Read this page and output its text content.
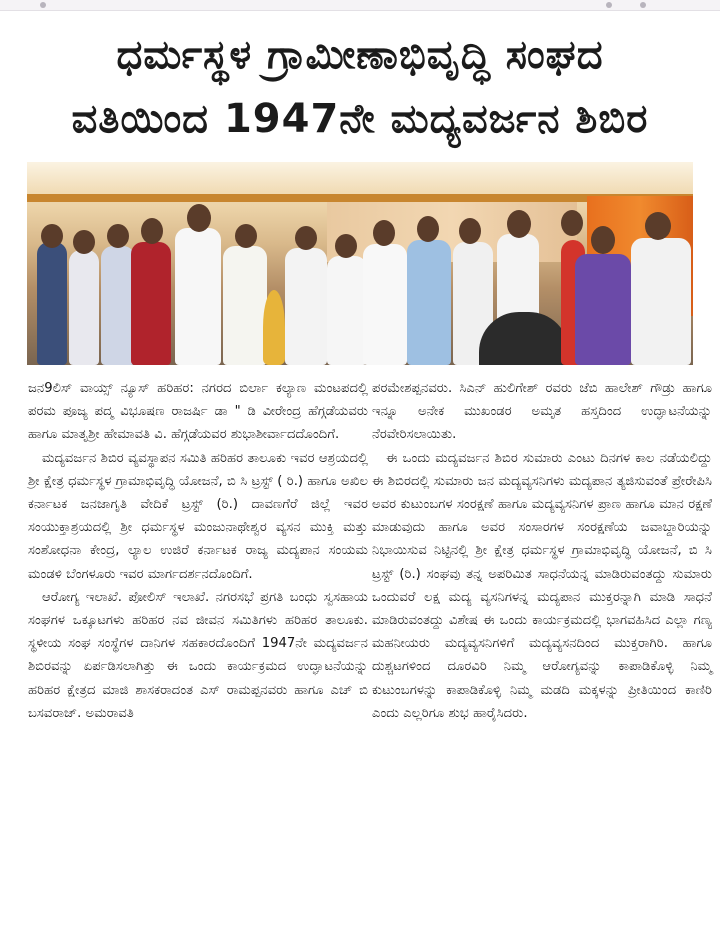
ಧರ್ಮಸ್ಥಳ ಗ್ರಾಮೀಣಾಭಿವೃದ್ಧಿ ಸಂಘದ
ವತಿಯಿಂದ 1947ನೇ ಮದ್ಯವರ್ಜನ ಶಿಬಿರ

ಜನ9ಲಿಸ್ ವಾಯ್ಸ್ ನ್ಯೂಸ್ ಹರಿಹರ: ನಗರದ ಬಿರ್ಲಾ ಕಲ್ಯಾಣ ಮಂಟಪದಲ್ಲಿ ಪರಮ ಪೂಜ್ಯ ಪದ್ಮ ವಿಭೂಷಣ ರಾಜರ್ಷಿ ಡಾ " ಡಿ ವೀರೇಂದ್ರ ಹೆಗ್ಗಡೆಯವರು ಹಾಗೂ ಮಾತೃಶ್ರೀ ಹೇಮಾವತಿ ವಿ. ಹೆಗ್ಗಡೆಯವರ ಶುಭಾಶೀರ್ವಾದದೊಂದಿಗೆ.

ಮದ್ಯವರ್ಜನ ಶಿಬಿರ ವ್ಯವಸ್ಥಾಪನ ಸಮಿತಿ ಹರಿಹರ ತಾಲೂಕು ಇವರ ಆಶ್ರಯದಲ್ಲಿ ಶ್ರೀ ಕ್ಷೇತ್ರ ಧರ್ಮಸ್ಥಳ ಗ್ರಾಮಾಭಿವೃದ್ಧಿ ಯೋಜನೆ, ಬಿ ಸಿ ಟ್ರಸ್ಟ್ ( ರಿ.) ಹಾಗೂ ಅಖಿಲ ಕರ್ನಾಟಕ ಜನಜಾಗೃತಿ ವೇದಿಕೆ ಟ್ರಸ್ಟ್ (ರಿ.) ದಾವಣಗೆರೆ ಜಿಲ್ಲೆ ಇವರ ಸಂಯುಕ್ತಾಶ್ರಯದಲ್ಲಿ ಶ್ರೀ ಧರ್ಮಸ್ಥಳ ಮಂಜುನಾಥೇಶ್ವರ ವ್ಯಸನ ಮುಕ್ತಿ ಮತ್ತು ಸಂಶೋಧನಾ ಕೇಂದ್ರ, ಲ್ಯಾಲ ಉಜಿರೆ ಕರ್ನಾಟಕ ರಾಜ್ಯ ಮದ್ಯಪಾನ ಸಂಯಮ ಮಂಡಳಿ ಬೆಂಗಳೂರು ಇವರ ಮಾರ್ಗದರ್ಶನದೊಂದಿಗೆ.

ಆರೋಗ್ಯ ಇಲಾಖೆ. ಪೋಲಿಸ್ ಇಲಾಖೆ. ನಗರಸಭೆ ಪ್ರಗತಿ ಬಂಧು ಸ್ವಸಹಾಯ ಸಂಘಗಳ ಒಕ್ಕೂಟಗಳು ಹರಿಹರ ನವ ಜೀವನ ಸಮಿತಿಗಳು ಹರಿಹರ ತಾಲೂಕು. ಸ್ಥಳೀಯ ಸಂಘ ಸಂಸ್ಥೆಗಳ ದಾನಿಗಳ ಸಹಕಾರದೊಂದಿಗೆ 1947ನೇ ಮದ್ಯವರ್ಜನ ಶಿಬಿರವನ್ನು ಏರ್ಪಡಿಸಲಾಗಿತ್ತು ಈ ಒಂದು ಕಾರ್ಯಕ್ರಮದ ಉದ್ಘಾಟನೆಯನ್ನು ಹರಿಹರ ಕ್ಷೇತ್ರದ ಮಾಜಿ ಶಾಸಕರಾದಂತ ಎಸ್ ರಾಮಪ್ಪನವರು ಹಾಗೂ ಎಚ್ ಬಿ ಬಸವರಾಜ್. ಅಮರಾವತಿ

ಪರಮೇಶಪ್ಪನವರು. ಸಿಎನ್ ಹುಲಿಗೇಶ್ ರವರು ಜೆಬಿ ಹಾಲೇಶ್ ಗೌಡ್ರು ಹಾಗೂ ಇನ್ನೂ ಅನೇಕ ಮುಖಂಡರ ಅಮೃತ ಹಸ್ತದಿಂದ ಉದ್ಘಾಟನೆಯನ್ನು ನೆರವೇರಿಸಲಾಯಿತು.

ಈ ಒಂದು ಮದ್ಯವರ್ಜನ ಶಿಬಿರ ಸುಮಾರು ಎಂಟು ದಿನಗಳ ಕಾಲ ನಡೆಯಲಿದ್ದು ಈ ಶಿಬಿರದಲ್ಲಿ ಸುಮಾರು ಜನ ಮದ್ಯವ್ಯಸನಿಗಳು ಮದ್ಯಪಾನ ತ್ಯಜಿಸುವಂತೆ ಪ್ರೇರೇಪಿಸಿ ಅವರ ಕುಟುಂಬಗಳ ಸಂರಕ್ಷಣೆ ಹಾಗೂ ಮದ್ಯವ್ಯಸನಿಗಳ ಪ್ರಾಣ ಹಾಗೂ ಮಾನ ರಕ್ಷಣೆ ಮಾಡುವುದು ಹಾಗೂ ಅವರ ಸಂಸಾರಗಳ ಸಂರಕ್ಷಣೆಯ ಜವಾಬ್ದಾರಿಯನ್ನು ನಿಭಾಯಿಸುವ ನಿಟ್ಟಿನಲ್ಲಿ ಶ್ರೀ ಕ್ಷೇತ್ರ ಧರ್ಮಸ್ಥಳ ಗ್ರಾಮಾಭಿವೃದ್ಧಿ ಯೋಜನೆ, ಬಿ ಸಿ ಟ್ರಸ್ಟ್ (ರಿ.) ಸಂಘವು ತನ್ನ ಅಪರಿಮಿತ ಸಾಧನೆಯನ್ನ ಮಾಡಿರುವಂತದ್ದು ಸುಮಾರು ಒಂದುವರೆ ಲಕ್ಷ ಮದ್ಯ ವ್ಯಸನಿಗಳನ್ನ ಮದ್ಯಪಾನ ಮುಕ್ತರನ್ನಾಗಿ ಮಾಡಿ ಸಾಧನೆ ಮಾಡಿರುವಂತದ್ದು ವಿಶೇಷ ಈ ಒಂದು ಕಾರ್ಯಕ್ರಮದಲ್ಲಿ ಭಾಗವಹಿಸಿದ ಎಲ್ಲಾ ಗಣ್ಯ ಮಹನೀಯರು ಮದ್ಯವ್ಯಸನಿಗಳಿಗೆ ಮದ್ಯವ್ಯಸನದಿಂದ ಮುಕ್ತರಾಗಿರಿ. ಹಾಗೂ ದುಶ್ಚಟಗಳಿಂದ ದೂರವಿರಿ ನಿಮ್ಮ ಆರೋಗ್ಯವನ್ನು ಕಾಪಾಡಿಕೊಳ್ಳಿ ನಿಮ್ಮ ಕುಟುಂಬಗಳನ್ನು ಕಾಪಾಡಿಕೊಳ್ಳಿ ನಿಮ್ಮ ಮಡದಿ ಮಕ್ಕಳನ್ನು ಪ್ರೀತಿಯಿಂದ ಕಾಣಿರಿ ಎಂದು ಎಲ್ಲರಿಗೂ ಶುಭ ಹಾರೈಸಿದರು.
